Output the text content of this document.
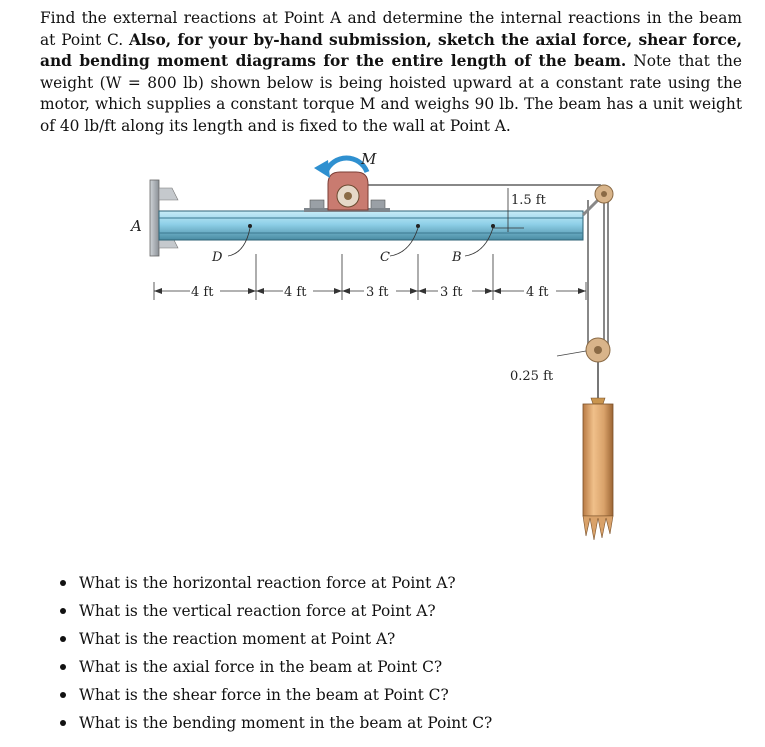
Find the external reactions at Point A and determine the internal reactions in the beam at Point C. Also, for your by-hand submission, sketch the axial force, shear force, and bending moment diagrams for the entire length of the beam. Note that the weight (W = 800 lb) shown below is being hoisted upward at a constant rate using the motor, which supplies a constant torque M and weighs 90 lb. The beam has a unit weight of 40 lb/ft along its length and is fixed to the wall at Point A.
M
A
D	C	B
1.5 ft
0.25 ft
4 ft	4 ft	3 ft	3 ft	4 ft
What is the horizontal reaction force at Point A?
What is the vertical reaction force at Point A?
What is the reaction moment at Point A?
What is the axial force in the beam at Point C?
What is the shear force in the beam at Point C?
What is the bending moment in the beam at Point C?
